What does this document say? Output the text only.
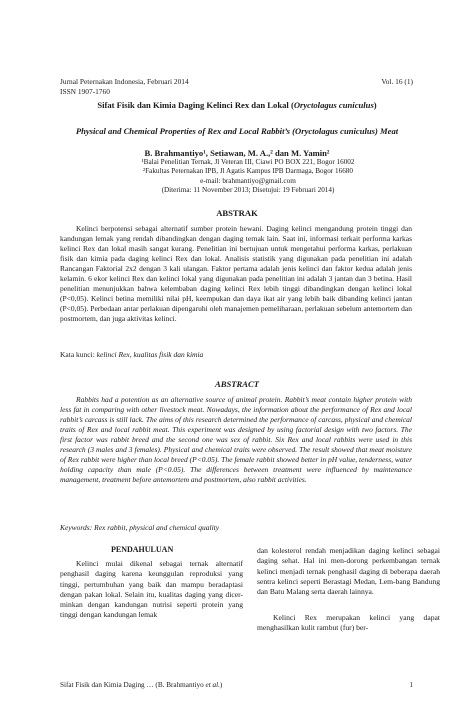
Jurnal Peternakan Indonesia, Februari 2014	Vol. 16 (1)
ISSN 1907-1760
Sifat Fisik dan Kimia Daging Kelinci Rex dan Lokal (Oryctolagus cuniculus)
Physical and Chemical Properties of Rex and Local Rabbit’s (Oryctolagus cuniculus) Meat
B. Brahmantiyo¹, Setiawan, M. A.,² dan M. Yamin²
¹Balai Penelitian Ternak, Jl Veteran III, Ciawi PO BOX 221, Bogor 16002
²Fakultas Peternakan IPB, Jl Agatis Kampus IPB Darmaga, Bogor 16680
e-mail: brahmantiyo@gmail.com
(Diterima: 11 November 2013; Disetujui: 19 Februari 2014)
ABSTRAK
Kelinci berpotensi sebagai alternatif sumber protein hewani. Daging kelinci mengandung protein tinggi dan kandungan lemak yang rendah dibandingkan dengan daging ternak lain. Saat ini, informasi terkait performa karkas kelinci Rex dan lokal masih sangat kurang. Penelitian ini bertujuan untuk mengetahui performa karkas, perlakuan fisik dan kimia pada daging kelinci Rex dan lokal. Analisis statistik yang digunakan pada penelitian ini adalah Rancangan Faktorial 2x2 dengan 3 kali ulangan. Faktor pertama adalah jenis kelinci dan faktor kedua adalah jenis kelamin. 6 ekor kelinci Rex dan kelinci lokal yang digunakan pada penelitian ini adalah 3 jantan dan 3 betina. Hasil penelitian menunjukkan bahwa kelembaban daging kelinci Rex lebih tinggi dibandingkan dengan kelinci lokal (P<0,05). Kelinci betina memiliki nilai pH, keempukan dan daya ikat air yang lebih baik dibanding kelinci jantan (P<0,05). Perbedaan antar perlakuan dipengaruhi oleh manajemen pemeliharaan, perlakuan sebelum antemortem dan postmortem, dan juga aktivitas kelinci.
Kata kunci: kelinci Rex, kualitas fisik dan kimia
ABSTRACT
Rabbits had a potention as an alternative source of animal protein. Rabbit’s meat contain higher protein with less fat in comparing with other livestock meat. Nowadays, the information about the performance of Rex and local rabbit’s carcass is still lack. The aims of this research determined the performance of carcass, physical and chemical traits of Rex and local rabbit meat. This experiment was designed by using factorial design with two factors. The first factor was rabbit breed and the second one was sex of rabbit. Six Rex and local rabbits were used in this research (3 males and 3 females). Physical and chemical traits were observed. The result showed that meat moisture of Rex rabbit were higher than local breed (P<0.05). The female rabbit showed better in pH value, tenderness, water holding capacity than male (P<0.05). The differences between treatment were influenced by maintenance management, treatment before antemortem and postmortem, also rabbit activities.
Keywords: Rex rabbit, physical and chemical quality
PENDAHULUAN
Kelinci mulai dikenal sebagai ternak alternatif penghasil daging karena keunggulan reproduksi yang tinggi, pertumbuhan yang baik dan mampu beradaptasi dengan pakan lokal. Selain itu, kualitas daging yang dicer-minkan dengan kandungan nutrisi seperti protein yang tinggi dengan kandungan lemak
dan kolesterol rendah menjadikan daging kelinci sebagai daging sehat. Hal ini men-dorong perkembangan ternak kelinci menjadi ternak penghasil daging di beberapa daerah sentra kelinci seperti Berastagi Medan, Lem-bang Bandung dan Batu Malang serta daerah lainnya.
Kelinci Rex merupakan kelinci yang dapat menghasilkan kulit rambut (fur) ber-
Sifat Fisik dan Kimia Daging … (B. Brahmantiyo et al.)	1
